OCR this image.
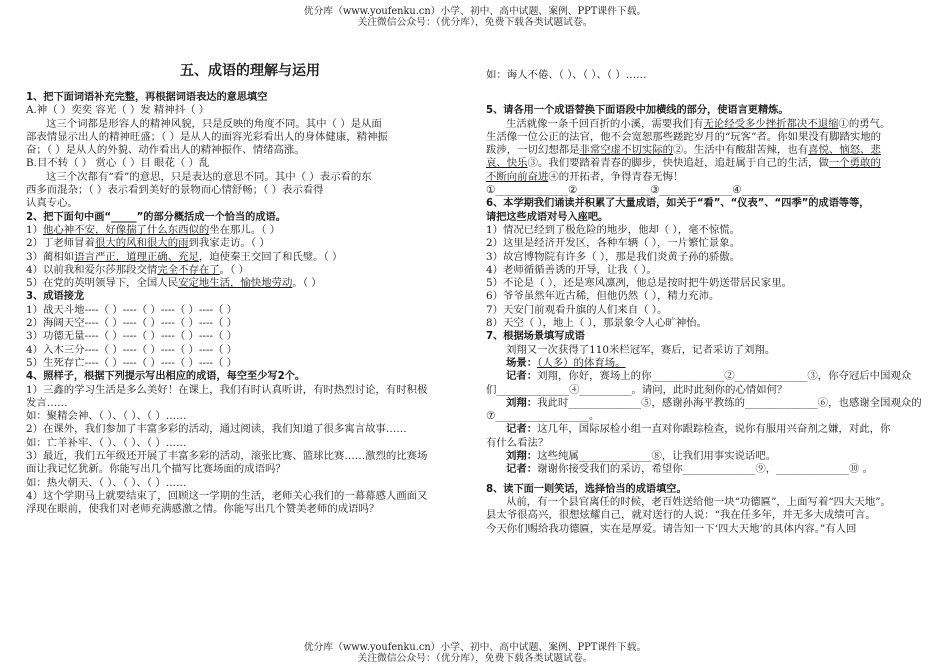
优分库（www.youfenku.cn）小学、初中、高中试题、案例、PPT课件下载。
关注微信公众号：（优分库），免费下载各类试题试卷。
五、成语的理解与运用
1、把下面词语补充完整，再根据词语表达的意思填空
A.神（ ）奕奕 容光（ ）发 精神抖（ ）
这三个词都是形容人的精神风貌，只是反映的角度不同。其中（ ）是从面
部表情显示出人的精神旺盛；（ ）是从人的面容光彩看出人的身体健康，精神振
奋；（ ）是从人的外貌、动作看出人的精神振作、情绪高涨。
B.目不转（ ） 赏心（ ）目 眼花（ ）乱
这三个次都有“看”的意思，只是表达的意思不同。其中（ ）表示看的东
西多而混杂；（ ）表示看到美好的景物而心情舒畅；（ ）表示看得
认真专心。
2、把下面句中画“_____”的部分概括成一个恰当的成语。
1）他心神不安，好像揣了什么东西似的坐在那儿。（ ）
2）丁老师冒着很大的风和很大的雨到我家走访。（ ）
3）蔺相如语言严正，道理正确、充足，迫使秦王交回了和氏璧。（ ）
4）以前我和爱尔莎那段交情完全不存在了。（ ）
5）在党的英明领导下，全国人民安定地生活，愉快地劳动。（ ）
3、成语接龙
1）战天斗地----（ ）----（ ）----（ ）----（ ）
2）海阔天空----（ ）----（ ）----（ ）----（ ）
3）功德无量----（ ）----（ ）----（ ）----（ ）
4）入木三分----（ ）----（ ）----（ ）----（ ）
5）生死存亡----（ ）----（ ）----（ ）----（ ）
4、照样子，根据下列提示写出相应的成语，每空至少写2个。
1）三鑫的学习生活是多么美好！在课上，我们有时认真听讲，有时热烈讨论，有时积极
发言……
如：聚精会神、（ ）、（ ）、（ ）……
2）在课外，我们参加了丰富多彩的活动，通过阅读，我们知道了很多寓言故事……
如：亡羊补牢、（ ）、（ ）、（ ）……
3）最近，我们五年级还开展了丰富多彩的活动，滚张比赛、篮球比赛……激烈的比赛场
面让我记忆犹新。你能写出几个描写比赛场面的成语吗？
如：热火朝天、（ ）、（ ）、（ ）……
4）这个学期马上就要结束了，回顾这一学期的生活，老师关心我们的一幕幕感人画面又
浮现在眼前，使我们对老师充满感激之情。你能写出几个赞美老师的成语吗？
如：诲人不倦、（ ）、（ ）、（ ）……
5、请各用一个成语替换下面语段中加横线的部分，使语言更精炼。
生活就像一条千回百折的小溪，需要我们有无论经受多少挫折都决不退缩①的勇气。
生活像一位公正的法官，他不会宽恕那些蹉跎岁月的“玩客”者。你如果没有脚踏实地的
跋涉，一切幻想都是非常空虚不切实际的②。生活中有酸甜苦辣，也有喜悦、恼怒、悲
哀、快乐③。我们要踏着青春的脚步，快快追赶，追赶属于自己的生活，做一个勇敢的
不断向前奋进④的开拓者，争得青春无悔！
①______________②______________③______________④______________
6、本学期我们诵读并积累了大量成语，如关于“看”、“仪表”、“四季”的成语等等，
请把这些成语对号入座吧。
1）情况已经到了极危险的地步，他却（ ），毫不惊慌。
2）这里是经济开发区，各种车辆（ ），一片繁忙景象。
3）故宫博物院有许多（ ），那是我们炎黄子孙的骄傲。
4）老师循循善诱的开导，让我（ ）。
5）不论是（ ），还是寒风凛冽，他总是按时把牛奶送带居民家里。
6）爷爷虽然年近古稀，但他仍然（ ），精力充沛。
7）天安门前观看升旗的人们来自（ ）。
8）天空（ ），地上（ ），那景象令人心旷神怡。
7、根据场景填写成语
刘翔又一次获得了110米栏冠军，赛后，记者采访了刘翔。
场景：（人多）的体育场。
记者：刘翔，你好，赛场上的你______________②______________③，你夺冠后中国观众
们______________④__________。请问，此时此刻你的心情如何？
刘翔：我此时______________⑤，感谢孙海平教练的______________⑥，也感谢全国观众的
⑦__________________。
记者：这几年，国际尿检小组一直对你跟踪检查，说你有服用兴奋剂之嫌，对此，你
有什么看法？
刘翔：这些纯属______________⑧，让我们用事实说话吧。
记者：谢谢你接受我们的采访，希望你______________⑨，______________⑩ 。
8、读下面一则笑话，选择恰当的成语填空。
从前，有一个县官离任的时候，老百姓送给他一块“功德匾”，上面写着“四大天地”。
县太爷很高兴，很想炫耀自己，就对送行的人说：“我在任多年，并无多大成绩可言。
今天你们赐给我功德匾，实在是厚爱。请告知一下‘四大天地’的具体内容。”有人回
优分库（www.youfenku.cn）小学、初中、高中试题、案例、PPT课件下载。
关注微信公众号：（优分库），免费下载各类试题试卷。
